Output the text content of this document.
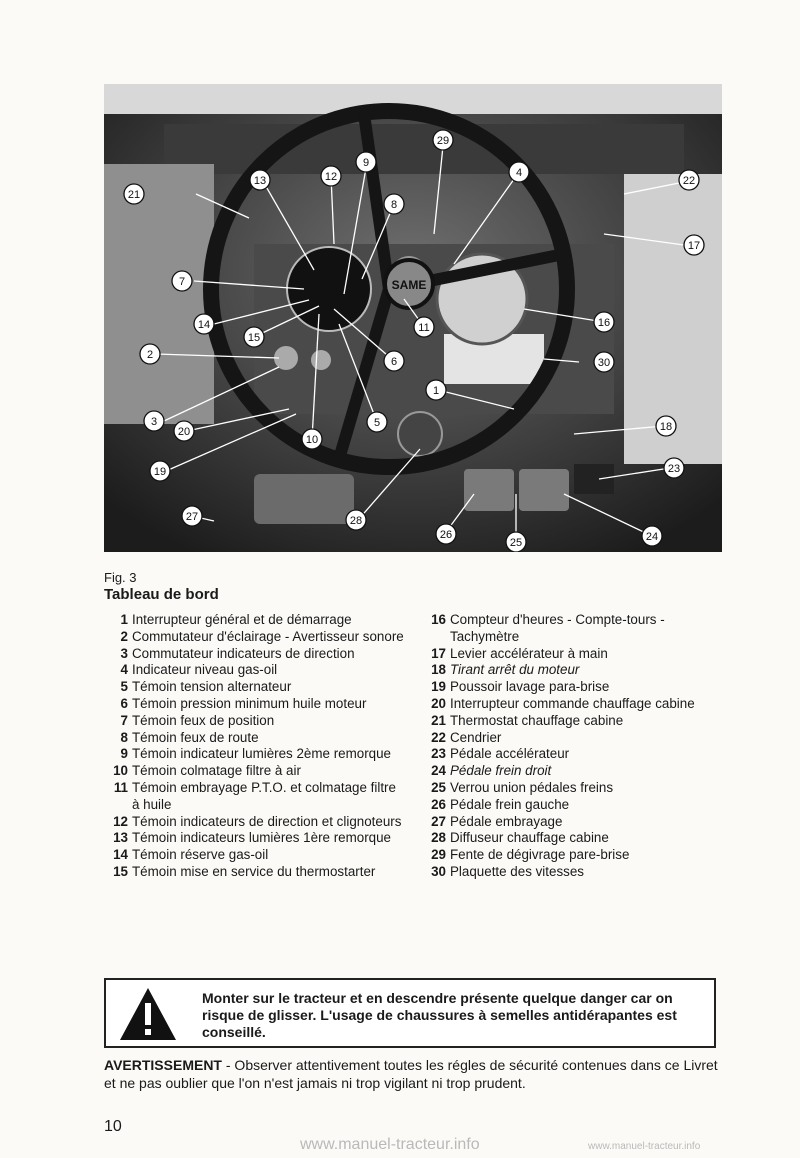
SAME
1
2
3
4
5
6
7
8
9
10
11
12
13
14
15
16
17
18
19
20
21
22
23
24
25
26
27	28
29
30
Fig. 3
Tableau de bord
1 Interrupteur général et de démarrage
2 Commutateur d'éclairage - Avertisseur sonore
3 Commutateur indicateurs de direction
4 Indicateur niveau gas-oil
5 Témoin tension alternateur
6 Témoin pression minimum huile moteur
7 Témoin feux de position
8 Témoin feux de route
9 Témoin indicateur lumières 2ème remorque
10 Témoin colmatage filtre à air
11 Témoin embrayage P.T.O. et colmatage filtre à huile
12 Témoin indicateurs de direction et clignoteurs
13 Témoin indicateurs lumières 1ère remorque
14 Témoin réserve gas-oil
15 Témoin mise en service du thermostarter
16 Compteur d'heures - Compte-tours - Tachymètre
17 Levier accélérateur à main
18 Tirant arrêt du moteur
19 Poussoir lavage para-brise
20 Interrupteur commande chauffage cabine
21 Thermostat chauffage cabine
22 Cendrier
23 Pédale accélérateur
24 Pédale frein droit
25 Verrou union pédales freins
26 Pédale frein gauche
27 Pédale embrayage
28 Diffuseur chauffage cabine
29 Fente de dégivrage pare-brise
30 Plaquette des vitesses
Monter sur le tracteur et en descendre présente quelque danger car on risque de glisser. L'usage de chaussures à semelles antidérapantes est conseillé.
AVERTISSEMENT - Observer attentivement toutes les régles de sécurité contenues dans ce Livret et ne pas oublier que l'on n'est jamais ni trop vigilant ni trop prudent.
10
www.manuel-tracteur.info	www.manuel-tracteur.info
